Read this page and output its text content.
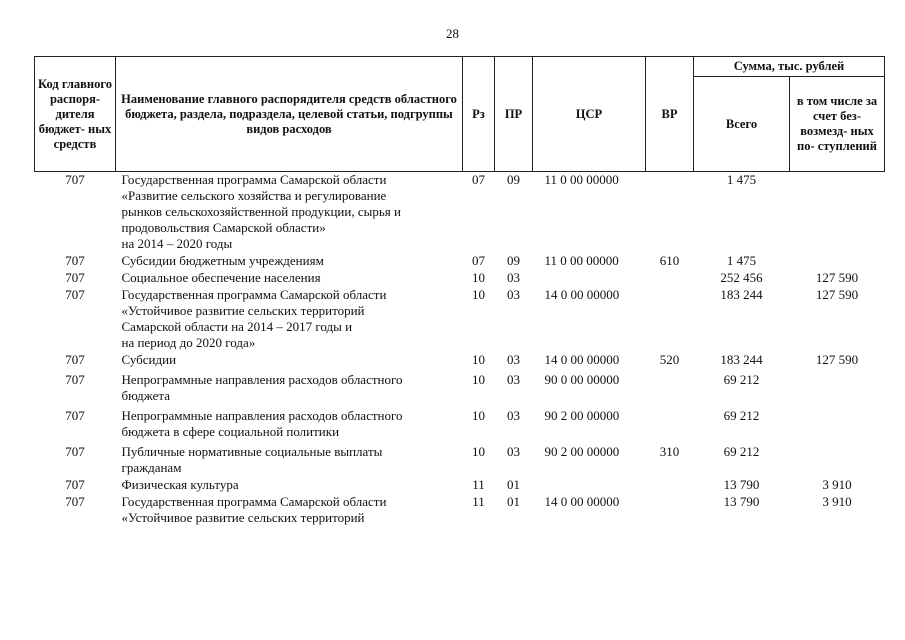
28
Код главного распоря- дителя бюджет- ных средств	Наименование главного распорядителя средств областного бюджета, раздела, подраздела, целевой статьи, подгруппы видов расходов	Рз	ПР	ЦСР	ВР	Сумма, тыс. рублей	
						Всего	в том числе за счет без- возмезд- ных по- ступлений
707	Государственная программа Самарской области
«Развитие сельского хозяйства и регулирование
рынков сельскохозяйственной продукции, сырья и
продовольствия Самарской области»
на 2014 – 2020 годы	07	09	11 0 00 00000		1 475	
707	Субсидии бюджетным учреждениям	07	09	11 0 00 00000	610	1 475	
707	Социальное обеспечение населения	10	03			252 456	127 590
707	Государственная программа Самарской области
«Устойчивое развитие сельских территорий
Самарской области на 2014 – 2017 годы и
на период до 2020 года»	10	03	14 0 00 00000		183 244	127 590
707	Субсидии	10	03	14 0 00 00000	520	183 244	127 590
707	Непрограммные направления расходов областного
бюджета	10	03	90 0 00 00000		69 212	
707	Непрограммные направления расходов областного
бюджета в сфере социальной политики	10	03	90 2 00 00000		69 212	
707	Публичные нормативные социальные выплаты
гражданам	10	03	90 2 00 00000	310	69 212	
707	Физическая культура	11	01			13 790	3 910
707	Государственная программа Самарской области
«Устойчивое развитие сельских территорий	11	01	14 0 00 00000		13 790	3 910
